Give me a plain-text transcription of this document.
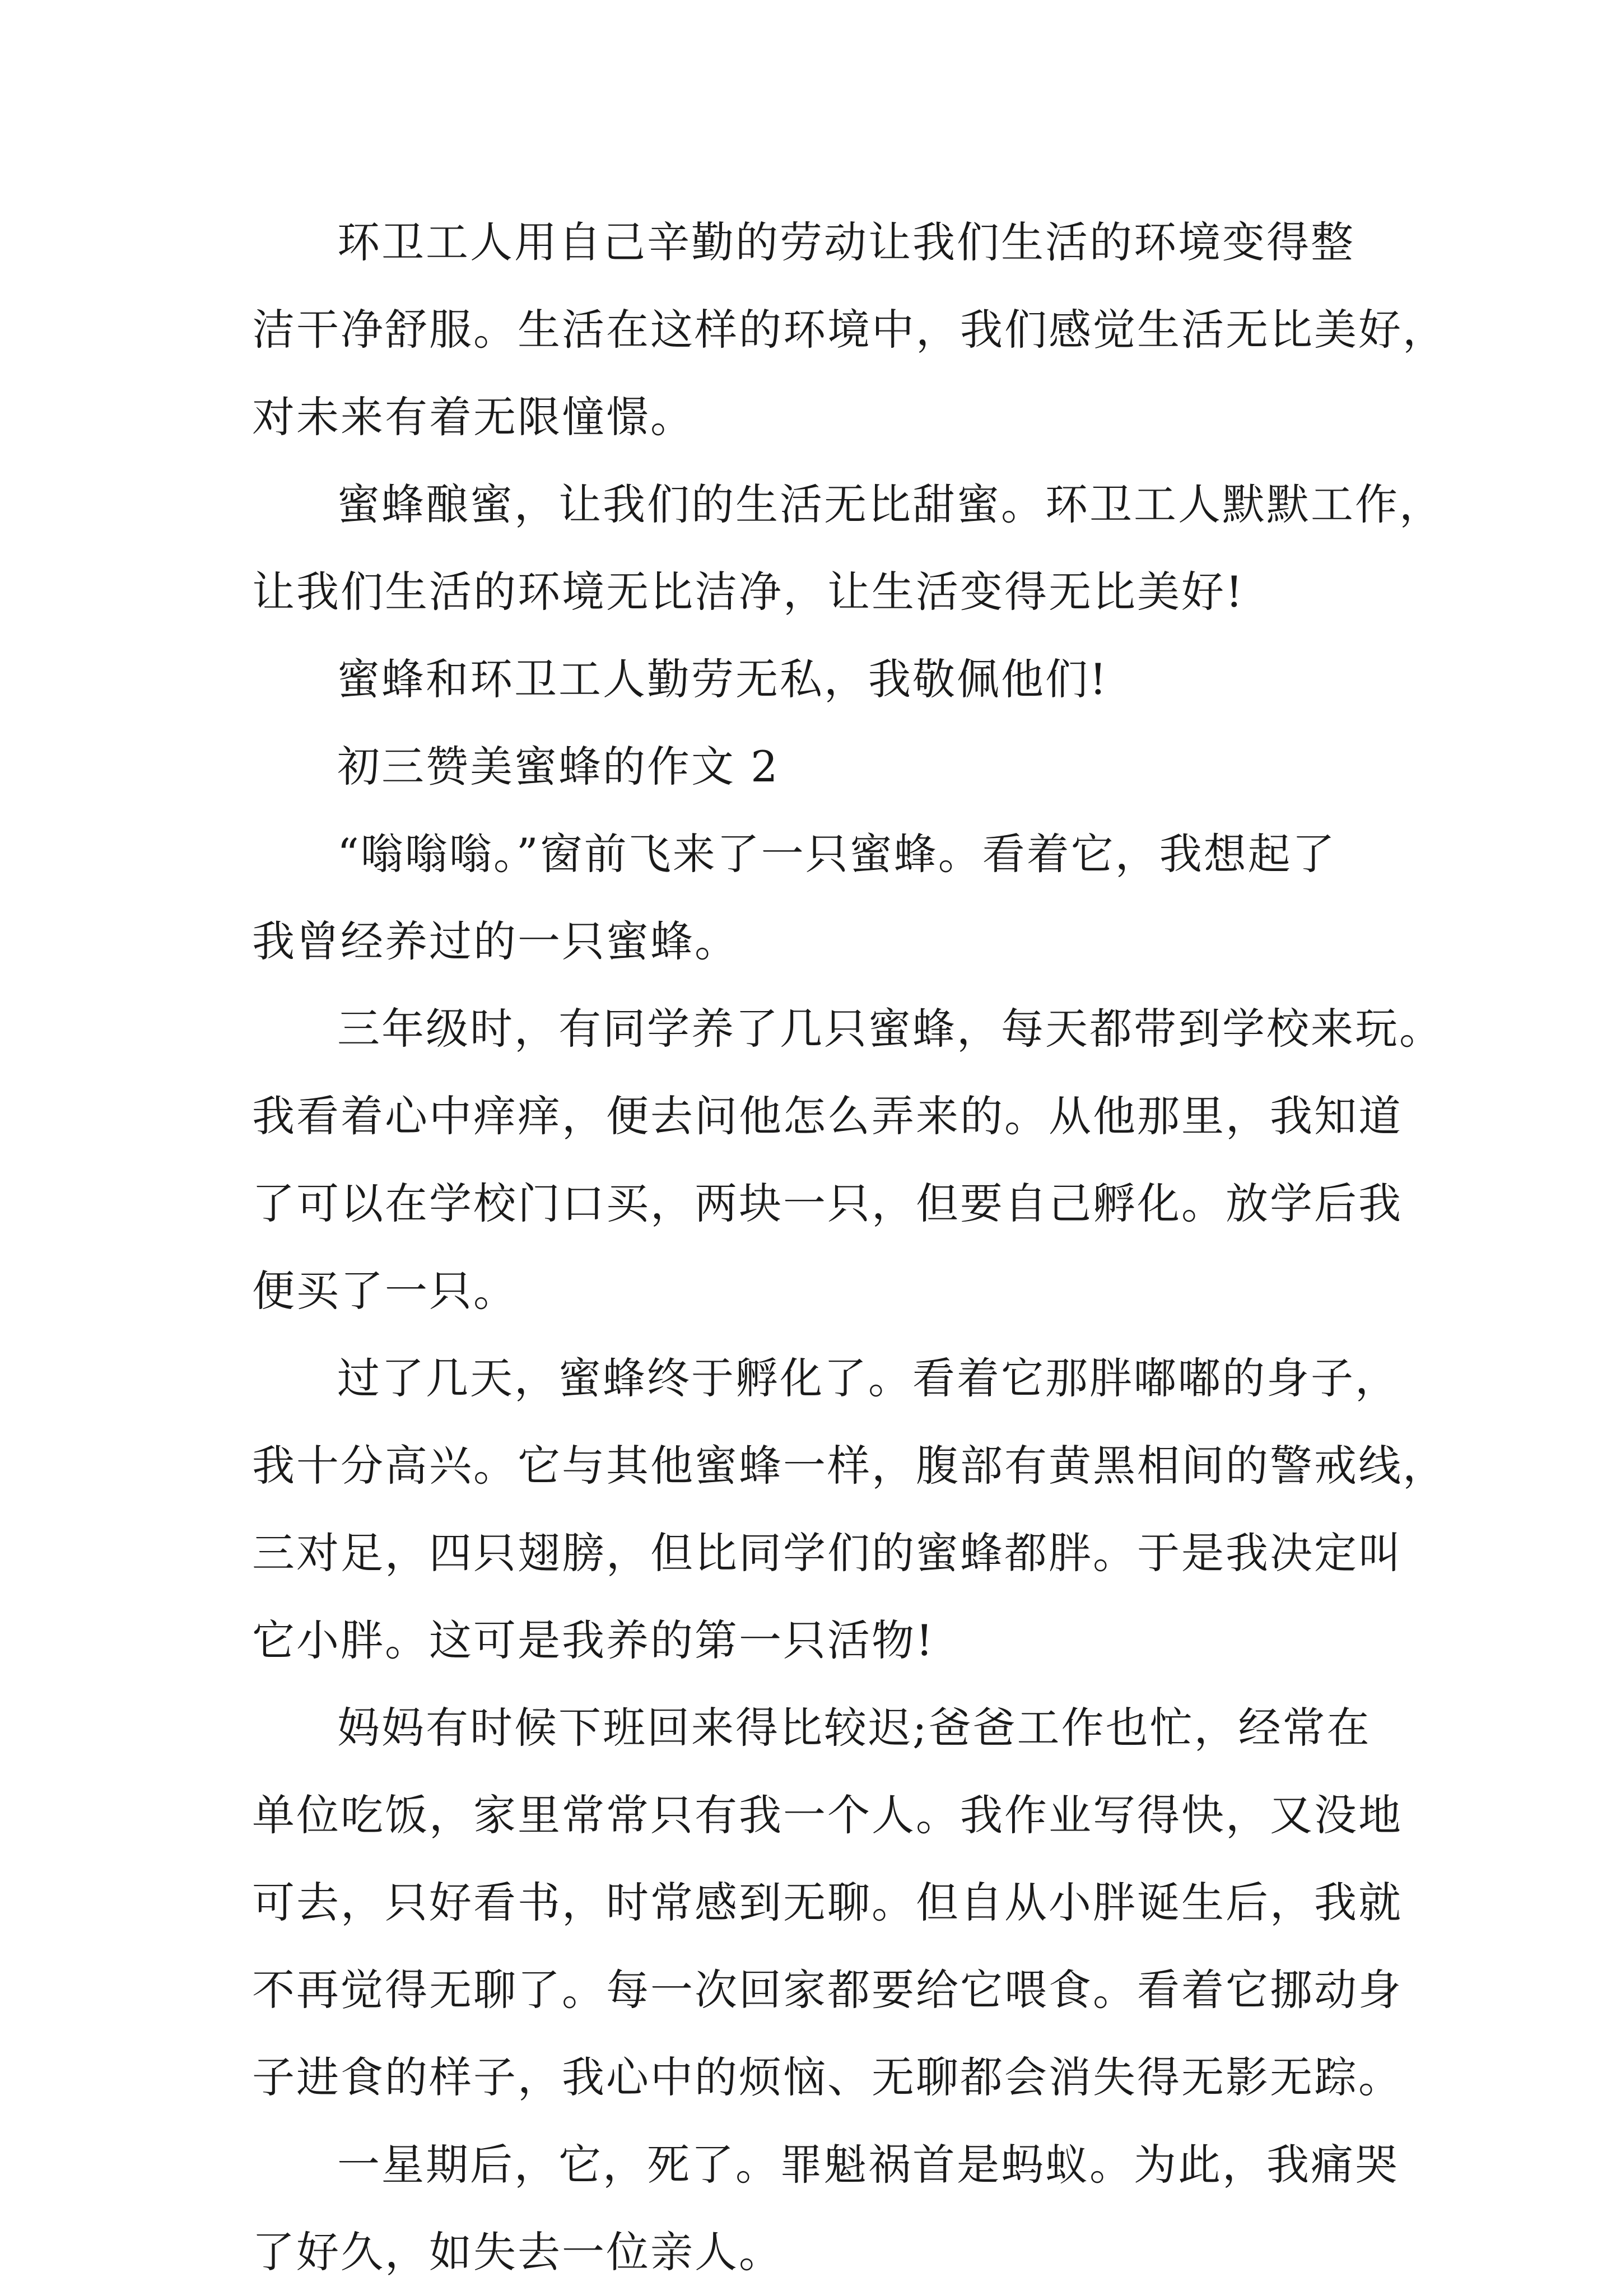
环卫工人用自己辛勤的劳动让我们生活的环境变得整
洁干净舒服。生活在这样的环境中，我们感觉生活无比美好，
对未来有着无限憧憬。
蜜蜂酿蜜，让我们的生活无比甜蜜。环卫工人默默工作，
让我们生活的环境无比洁净，让生活变得无比美好!
蜜蜂和环卫工人勤劳无私，我敬佩他们!
初三赞美蜜蜂的作文 2
“嗡嗡嗡。”窗前飞来了一只蜜蜂。看着它，我想起了
我曾经养过的一只蜜蜂。
三年级时，有同学养了几只蜜蜂，每天都带到学校来玩。
我看着心中痒痒，便去问他怎么弄来的。从他那里，我知道
了可以在学校门口买，两块一只，但要自己孵化。放学后我
便买了一只。
过了几天，蜜蜂终于孵化了。看着它那胖嘟嘟的身子，
我十分高兴。它与其他蜜蜂一样，腹部有黄黑相间的警戒线，
三对足，四只翅膀，但比同学们的蜜蜂都胖。于是我决定叫
它小胖。这可是我养的第一只活物!
妈妈有时候下班回来得比较迟;爸爸工作也忙，经常在
单位吃饭，家里常常只有我一个人。我作业写得快，又没地
可去，只好看书，时常感到无聊。但自从小胖诞生后，我就
不再觉得无聊了。每一次回家都要给它喂食。看着它挪动身
子进食的样子，我心中的烦恼、无聊都会消失得无影无踪。
一星期后，它，死了。罪魁祸首是蚂蚁。为此，我痛哭
了好久，如失去一位亲人。
